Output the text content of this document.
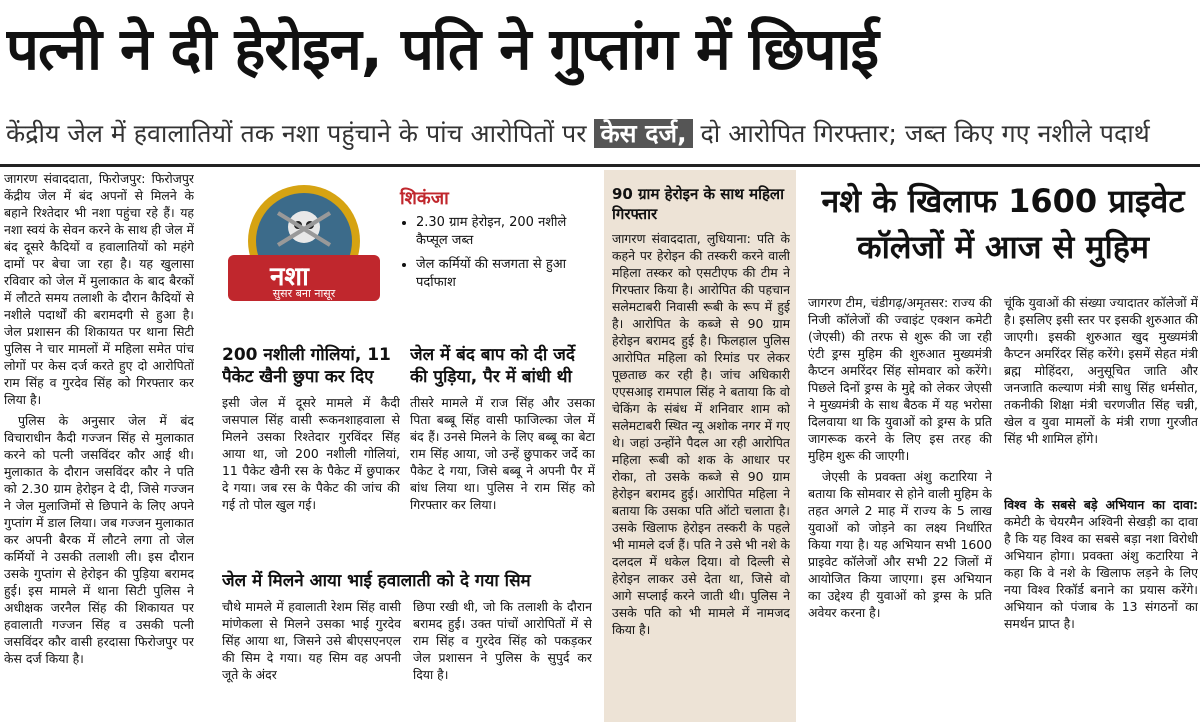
पत्नी ने दी हेरोइन, पति ने गुप्तांग में छिपाई
केंद्रीय जेल में हवालातियों तक नशा पहुंचाने के पांच आरोपितों पर केस दर्ज, दो आरोपित गिरफ्तार; जब्त किए गए नशीले पदार्थ

जागरण संवाददाता, फिरोजपुर: फिरोजपुर केंद्रीय जेल में बंद अपनों से मिलने के बहाने रिश्तेदार भी नशा पहुंचा रहे हैं। यह नशा स्वयं के सेवन करने के साथ ही जेल में बंद दूसरे कैदियों व हवालातियों को महंगे दामों पर बेचा जा रहा है। यह खुलासा रविवार को जेल में मुलाकात के बाद बैरकों में लौटते समय तलाशी के दौरान कैदियों से नशीले पदार्थों की बरामदगी से हुआ है। जेल प्रशासन की शिकायत पर थाना सिटी पुलिस ने चार मामलों में महिला समेत पांच लोगों पर केस दर्ज करते हुए दो आरोपितों राम सिंह व गुरदेव सिंह को गिरफ्तार कर लिया है।

पुलिस के अनुसार जेल में बंद विचाराधीन कैदी गज्जन सिंह से मुलाकात करने को पत्नी जसविंदर कौर आई थी। मुलाकात के दौरान जसविंदर कौर ने पति को 2.30 ग्राम हेरोइन दे दी, जिसे गज्जन ने जेल मुलाजिमों से छिपाने के लिए अपने गुप्तांग में डाल लिया। जब गज्जन मुलाकात कर अपनी बैरक में लौटने लगा तो जेल कर्मियों ने उसकी तलाशी ली। इस दौरान उसके गुप्तांग से हेरोइन की पुड़िया बरामद हुई। इस मामले में थाना सिटी पुलिस ने अधीक्षक जरनैल सिंह की शिकायत पर हवालाती गज्जन सिंह व उसकी पत्नी जसविंदर कौर वासी हरदासा फिरोजपुर पर केस दर्ज किया है।

नशा
सुसर बना नासूर
शिकंजा
• 2.30 ग्राम हेरोइन, 200 नशीले कैप्सूल जब्त
• जेल कर्मियों की सजगता से हुआ पर्दाफाश
200 नशीली गोलियां, 11 पैकेट खैनी छुपा कर दिए

इसी जेल में दूसरे मामले में कैदी जसपाल सिंह वासी रूकनशाहवाला से मिलने उसका रिश्तेदार गुरविंदर सिंह आया था, जो 200 नशीली गोलियां, 11 पैकेट खैनी रस के पैकेट में छुपाकर दे गया। जब रस के पैकेट की जांच की गई तो पोल खुल गई।

जेल में बंद बाप को दी जर्दे की पुड़िया, पैर में बांधी थी

तीसरे मामले में राज सिंह और उसका पिता बब्बू सिंह वासी फाजिल्का जेल में बंद हैं। उनसे मिलने के लिए बब्बू का बेटा राम सिंह आया, जो उन्हें छुपाकर जर्दे का पैकेट दे गया, जिसे बब्बू ने अपनी पैर में बांध लिया था। पुलिस ने राम सिंह को गिरफ्तार कर लिया।

जेल में मिलने आया भाई हवालाती को दे गया सिम

चौथे मामले में हवालाती रेशम सिंह वासी मांणेकला से मिलने उसका भाई गुरदेव सिंह आया था, जिसने उसे बीएसएनएल की सिम दे गया। यह सिम वह अपनी जूते के अंदर

छिपा रखी थी, जो कि तलाशी के दौरान बरामद हुई। उक्त पांचों आरोपितों में से राम सिंह व गुरदेव सिंह को पकड़कर जेल प्रशासन ने पुलिस के सुपुर्द कर दिया है।

90 ग्राम हेरोइन के साथ महिला गिरफ्तार

जागरण संवाददाता, लुधियाना: पति के कहने पर हेरोइन की तस्करी करने वाली महिला तस्कर को एसटीएफ की टीम ने गिरफ्तार किया है। आरोपित की पहचान सलेमटाबरी निवासी रूबी के रूप में हुई है। आरोपित के कब्जे से 90 ग्राम हेरोइन बरामद हुई है। फिलहाल पुलिस आरोपित महिला को रिमांड पर लेकर पूछताछ कर रही है। जांच अधिकारी एएसआइ रामपाल सिंह ने बताया कि वो चेकिंग के संबंध में शनिवार शाम को सलेमटाबरी स्थित न्यू अशोक नगर में गए थे। जहां उन्होंने पैदल आ रही आरोपित महिला रूबी को शक के आधार पर रोका, तो उसके कब्जे से 90 ग्राम हेरोइन बरामद हुई। आरोपित महिला ने बताया कि उसका पति ऑटो चलाता है। उसके खिलाफ हेरोइन तस्करी के पहले भी मामले दर्ज हैं। पति ने उसे भी नशे के दलदल में धकेल दिया। वो दिल्ली से हेरोइन लाकर उसे देता था, जिसे वो आगे सप्लाई करने जाती थी। पुलिस ने उसके पति को भी मामले में नामजद किया है।

नशे के खिलाफ 1600 प्राइवेट कॉलेजों में आज से मुहिम

जागरण टीम, चंडीगढ़/अमृतसर: राज्य की निजी कॉलेजों की ज्वाइंट एक्शन कमेटी (जेएसी) की तरफ से शुरू की जा रही एंटी ड्रग्स मुहिम की शुरुआत मुख्यमंत्री कैप्टन अमरिंदर सिंह सोमवार को करेंगे। पिछले दिनों ड्रग्स के मुद्दे को लेकर जेएसी ने मुख्यमंत्री के साथ बैठक में यह भरोसा दिलवाया था कि युवाओं को ड्रग्स के प्रति जागरूक करने के लिए इस तरह की मुहिम शुरू की जाएगी।

जेएसी के प्रवक्ता अंशु कटारिया ने बताया कि सोमवार से होने वाली मुहिम के तहत अगले 2 माह में राज्य के 5 लाख युवाओं को जोड़ने का लक्ष्य निर्धारित किया गया है। यह अभियान सभी 1600 प्राइवेट कॉलेजों और सभी 22 जिलों में आयोजित किया जाएगा। इस अभियान का उद्देश्य ही युवाओं को ड्रग्स के प्रति अवेयर करना है।

चूंकि युवाओं की संख्या ज्यादातर कॉलेजों में है। इसलिए इसी स्तर पर इसकी शुरुआत की जाएगी। इसकी शुरुआत खुद मुख्यमंत्री कैप्टन अमरिंदर सिंह करेंगे। इसमें सेहत मंत्री ब्रह्म मोहिंदरा, अनुसूचित जाति और जनजाति कल्याण मंत्री साधु सिंह धर्मसोत, तकनीकी शिक्षा मंत्री चरणजीत सिंह चन्नी, खेल व युवा मामलों के मंत्री राणा गुरजीत सिंह भी शामिल होंगे।

विश्व के सबसे बड़े अभियान का दावा: कमेटी के चेयरमैन अश्विनी सेखड़ी का दावा है कि यह विश्व का सबसे बड़ा नशा विरोधी अभियान होगा। प्रवक्ता अंशु कटारिया ने कहा कि वे नशे के खिलाफ लड़ने के लिए नया विश्व रिकॉर्ड बनाने का प्रयास करेंगे। अभियान को पंजाब के 13 संगठनों का समर्थन प्राप्त है।
